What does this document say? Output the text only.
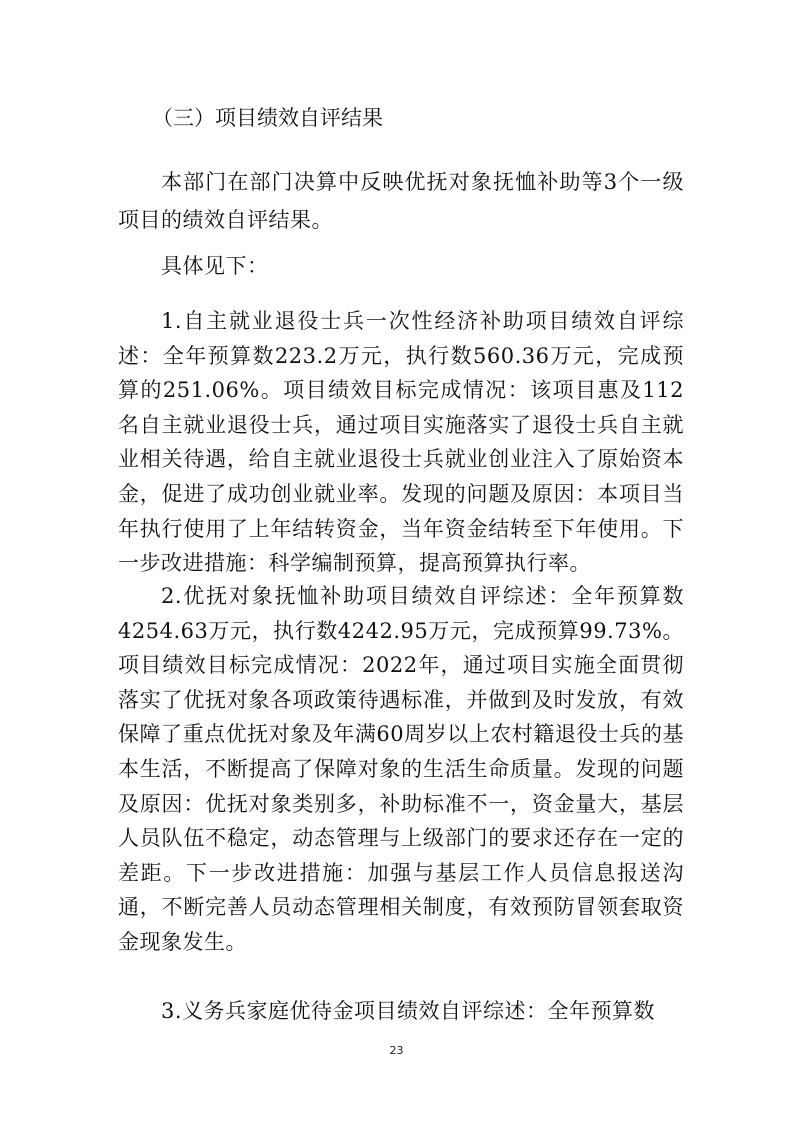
（三）项目绩效自评结果

本部门在部门决算中反映优抚对象抚恤补助等3个一级项目的绩效自评结果。

具体见下：

1.自主就业退役士兵一次性经济补助项目绩效自评综述：全年预算数223.2万元，执行数560.36万元，完成预算的251.06%。项目绩效目标完成情况：该项目惠及112名自主就业退役士兵，通过项目实施落实了退役士兵自主就业相关待遇，给自主就业退役士兵就业创业注入了原始资本金，促进了成功创业就业率。发现的问题及原因：本项目当年执行使用了上年结转资金，当年资金结转至下年使用。下一步改进措施：科学编制预算，提高预算执行率。

2.优抚对象抚恤补助项目绩效自评综述：全年预算数4254.63万元，执行数4242.95万元，完成预算99.73%。项目绩效目标完成情况：2022年，通过项目实施全面贯彻落实了优抚对象各项政策待遇标准，并做到及时发放，有效保障了重点优抚对象及年满60周岁以上农村籍退役士兵的基本生活，不断提高了保障对象的生活生命质量。发现的问题及原因：优抚对象类别多，补助标准不一，资金量大，基层人员队伍不稳定，动态管理与上级部门的要求还存在一定的差距。下一步改进措施：加强与基层工作人员信息报送沟通，不断完善人员动态管理相关制度，有效预防冒领套取资金现象发生。

3.义务兵家庭优待金项目绩效自评综述：全年预算数

23
